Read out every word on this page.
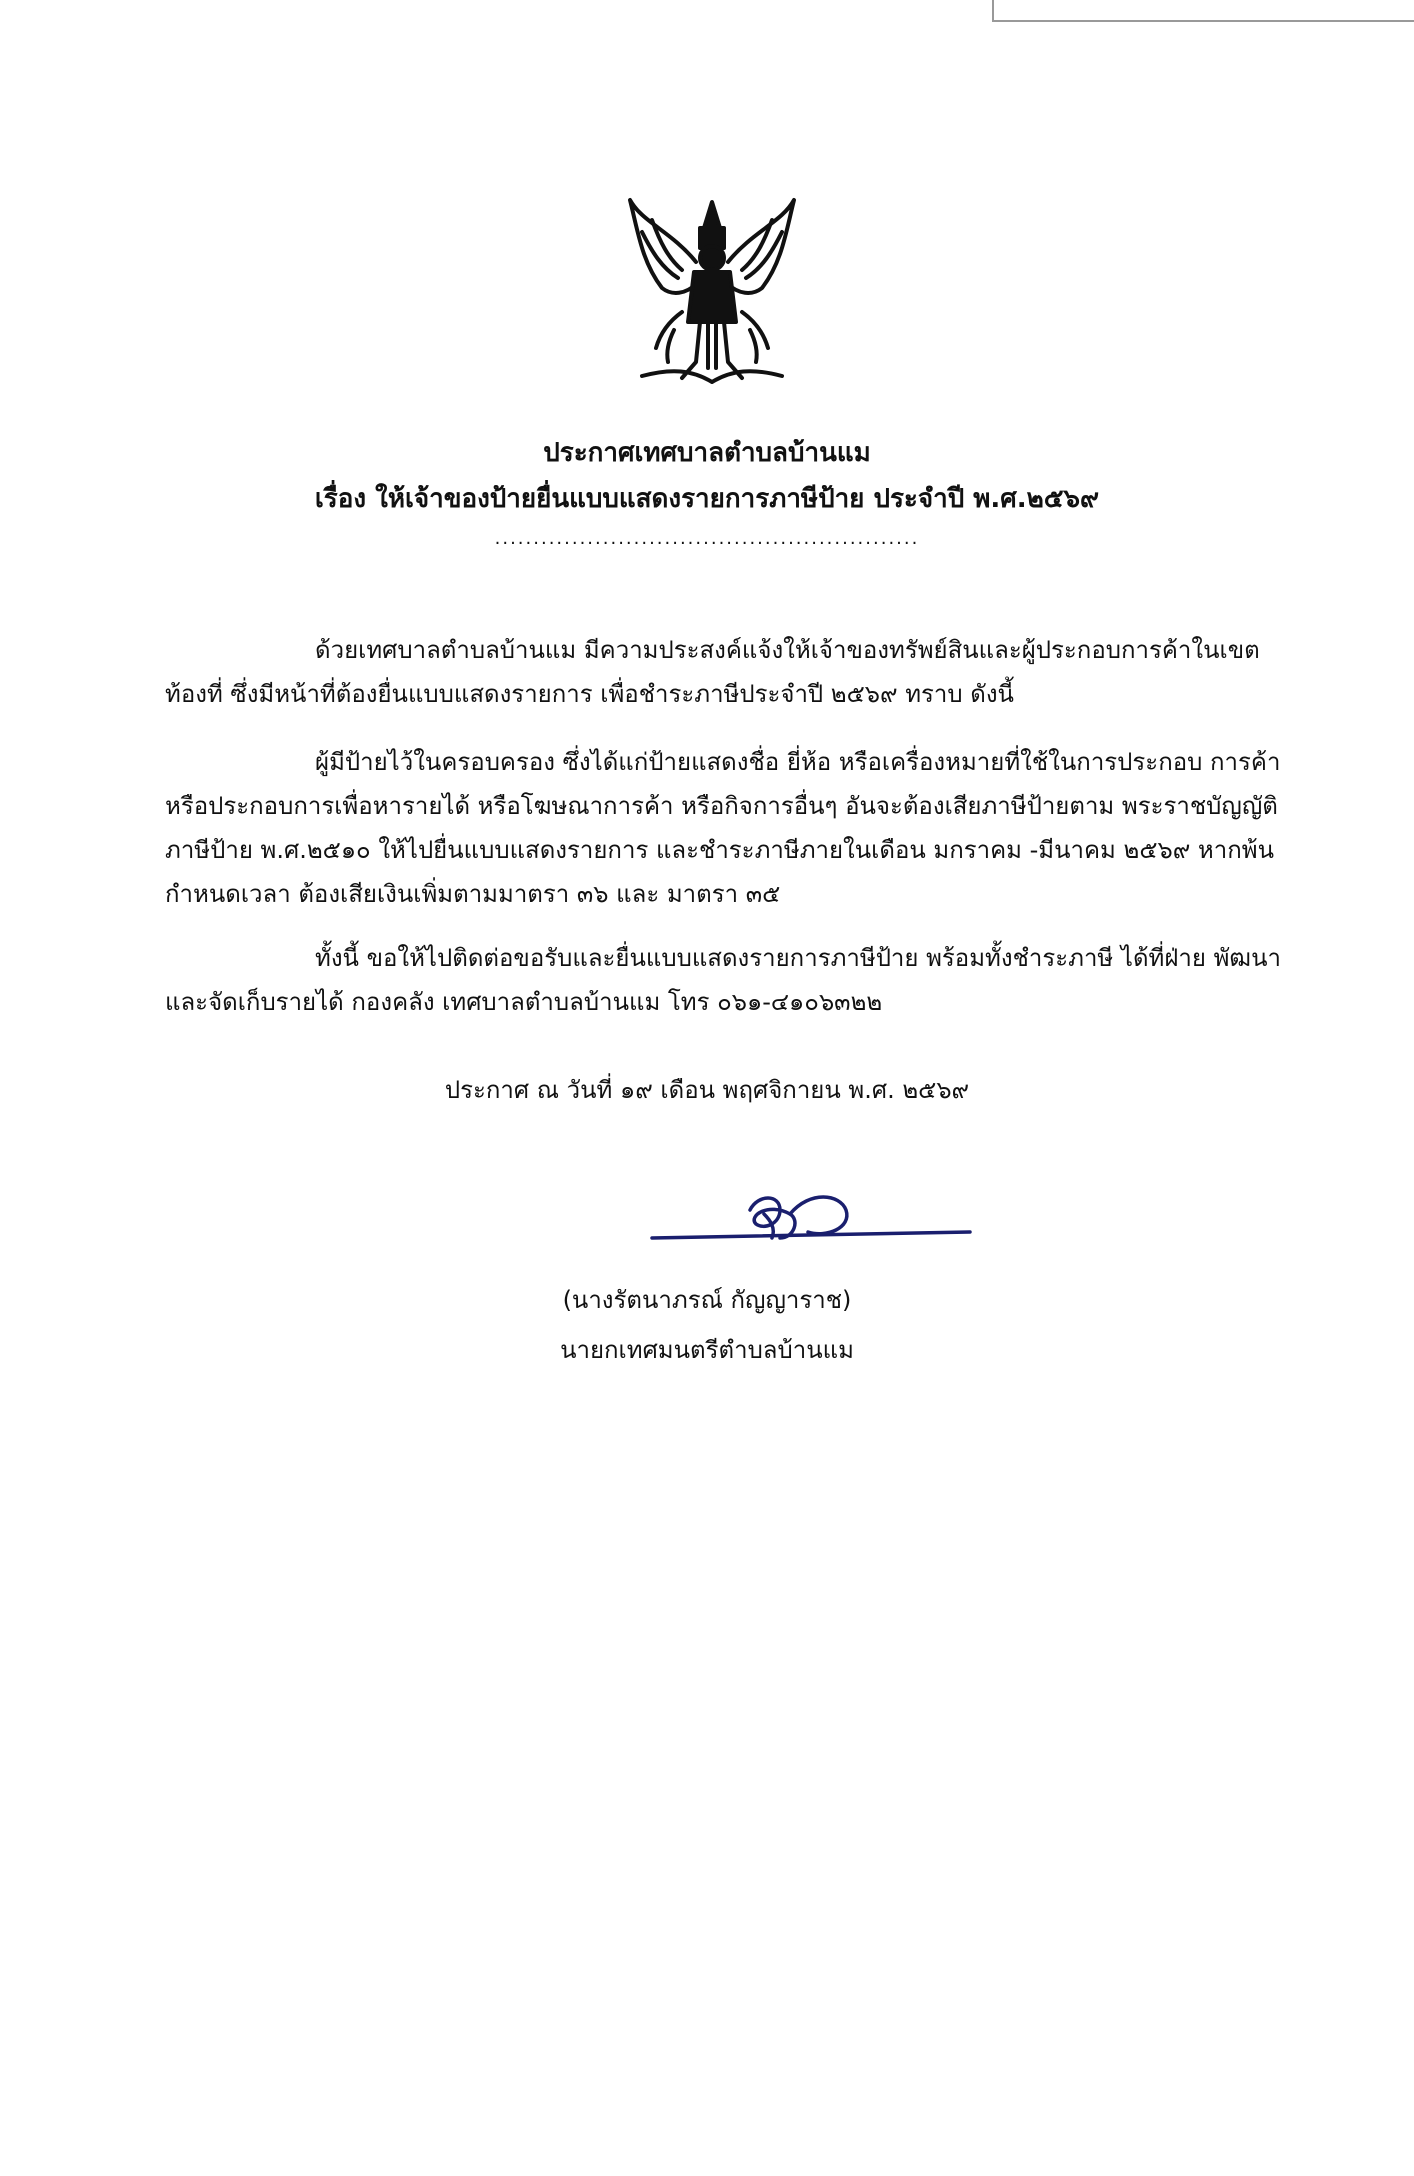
ประกาศเทศบาลตำบลบ้านแม
เรื่อง ให้เจ้าของป้ายยื่นแบบแสดงรายการภาษีป้าย ประจำปี พ.ศ.๒๕๖๙
.......................................................

ด้วยเทศบาลตำบลบ้านแม มีความประสงค์แจ้งให้เจ้าของทรัพย์สินและผู้ประกอบการค้าในเขตท้องที่ ซึ่งมีหน้าที่ต้องยื่นแบบแสดงรายการ เพื่อชำระภาษีประจำปี ๒๕๖๙ ทราบ ดังนี้

ผู้มีป้ายไว้ในครอบครอง ซึ่งได้แก่ป้ายแสดงชื่อ ยี่ห้อ หรือเครื่องหมายที่ใช้ในการประกอบ การค้า หรือประกอบการเพื่อหารายได้ หรือโฆษณาการค้า หรือกิจการอื่นๆ อันจะต้องเสียภาษีป้ายตาม พระราชบัญญัติภาษีป้าย พ.ศ.๒๕๑๐ ให้ไปยื่นแบบแสดงรายการ และชำระภาษีภายในเดือน มกราคม -มีนาคม ๒๕๖๙ หากพ้นกำหนดเวลา ต้องเสียเงินเพิ่มตามมาตรา ๓๖ และ มาตรา ๓๕

ทั้งนี้ ขอให้ไปติดต่อขอรับและยื่นแบบแสดงรายการภาษีป้าย พร้อมทั้งชำระภาษี ได้ที่ฝ่าย พัฒนาและจัดเก็บรายได้ กองคลัง เทศบาลตำบลบ้านแม โทร ๐๖๑-๔๑๐๖๓๒๒

ประกาศ ณ วันที่ ๑๙ เดือน พฤศจิกายน พ.ศ. ๒๕๖๙
(นางรัตนาภรณ์ กัญญาราช)
นายกเทศมนตรีตำบลบ้านแม
